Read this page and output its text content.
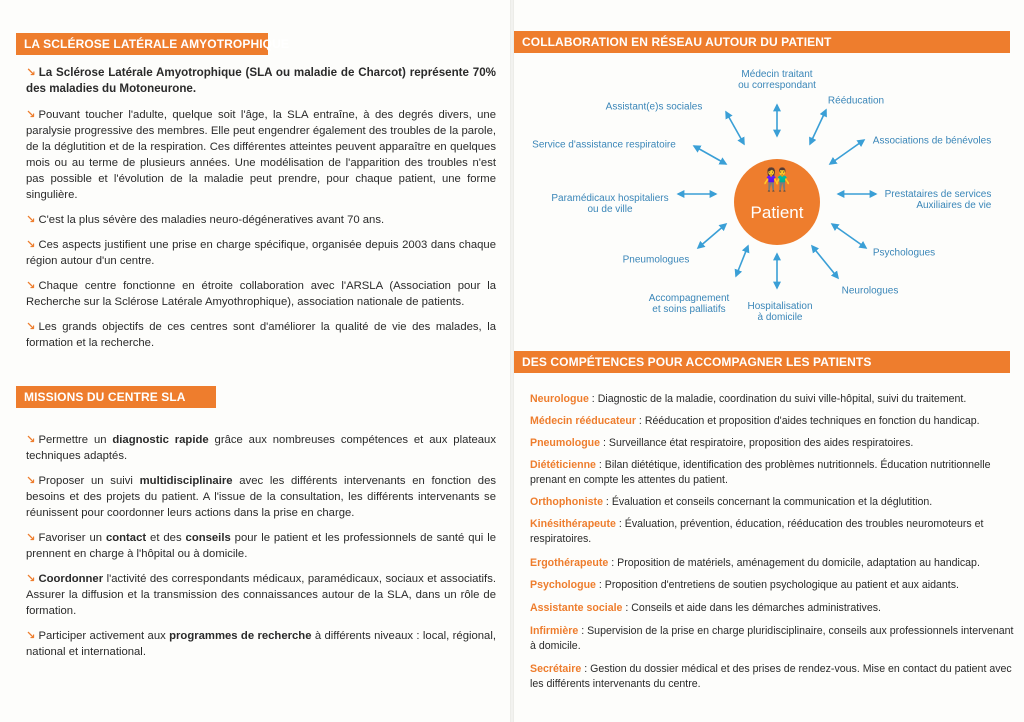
LA SCLÉROSE LATÉRALE AMYOTROPHIQUE

↘ La Sclérose Latérale Amyotrophique (SLA ou maladie de Charcot) représente 70% des maladies du Motoneurone.

↘ Pouvant toucher l'adulte, quelque soit l'âge, la SLA entraîne, à des degrés divers, une paralysie progressive des membres. Elle peut engendrer également des troubles de la parole, de la déglutition et de la respiration. Ces différentes atteintes peuvent apparaître en quelques mois ou au terme de plusieurs années. Une modélisation de l'apparition des troubles n'est pas possible et l'évolution de la maladie peut prendre, pour chaque patient, une forme singulière.

↘ C'est la plus sévère des maladies neuro-dégéneratives avant 70 ans.

↘ Ces aspects justifient une prise en charge spécifique, organisée depuis 2003 dans chaque région autour d'un centre.

↘ Chaque centre fonctionne en étroite collaboration avec l'ARSLA (Association pour la Recherche sur la Sclérose Latérale Amyothrophique), association nationale de patients.

↘ Les grands objectifs de ces centres sont d'améliorer la qualité de vie des malades, la formation et la recherche.

MISSIONS DU CENTRE SLA

↘ Permettre un diagnostic rapide grâce aux nombreuses compétences et aux plateaux techniques adaptés.

↘ Proposer un suivi multidisciplinaire avec les différents intervenants en fonction des besoins et des projets du patient. A l'issue de la consultation, les différents intervenants se réunissent pour coordonner leurs actions dans la prise en charge.

↘ Favoriser un contact et des conseils pour le patient et les professionnels de santé qui le prennent en charge à l'hôpital ou à domicile.

↘ Coordonner l'activité des correspondants médicaux, paramédicaux, sociaux et associatifs. Assurer la diffusion et la transmission des connaissances autour de la SLA, dans un rôle de formation.

↘ Participer activement aux programmes de recherche à différents niveaux : local, régional, national et international.

COLLABORATION EN RÉSEAU AUTOUR DU PATIENT
👫
Patient
Médecin traitant
ou correspondant
Rééducation
Associations de bénévoles
Prestataires de services
Auxiliaires de vie
Psychologues
Neurologues
Hospitalisation
à domicile
Accompagnement
et soins palliatifs
Pneumologues
Paramédicaux hospitaliers
ou de ville
Service d'assistance respiratoire
Assistant(e)s sociales
DES COMPÉTENCES POUR ACCOMPAGNER LES PATIENTS
Neurologue : Diagnostic de la maladie, coordination du suivi ville-hôpital, suivi du traitement.
Médecin rééducateur : Rééducation et proposition d'aides techniques en fonction du handicap.
Pneumologue : Surveillance état respiratoire, proposition des aides respiratoires.
Diététicienne : Bilan diététique, identification des problèmes nutritionnels. Éducation nutritionnelle prenant en compte les attentes du patient.
Orthophoniste : Évaluation et conseils concernant la communication et la déglutition.
Kinésithérapeute : Évaluation, prévention, éducation, rééducation des troubles neuromoteurs et respiratoires.
Ergothérapeute : Proposition de matériels, aménagement du domicile, adaptation au handicap.
Psychologue : Proposition d'entretiens de soutien psychologique au patient et aux aidants.
Assistante sociale : Conseils et aide dans les démarches administratives.
Infirmière : Supervision de la prise en charge pluridisciplinaire, conseils aux professionnels intervenant à domicile.
Secrétaire : Gestion du dossier médical et des prises de rendez-vous. Mise en contact du patient avec les différents intervenants du centre.
